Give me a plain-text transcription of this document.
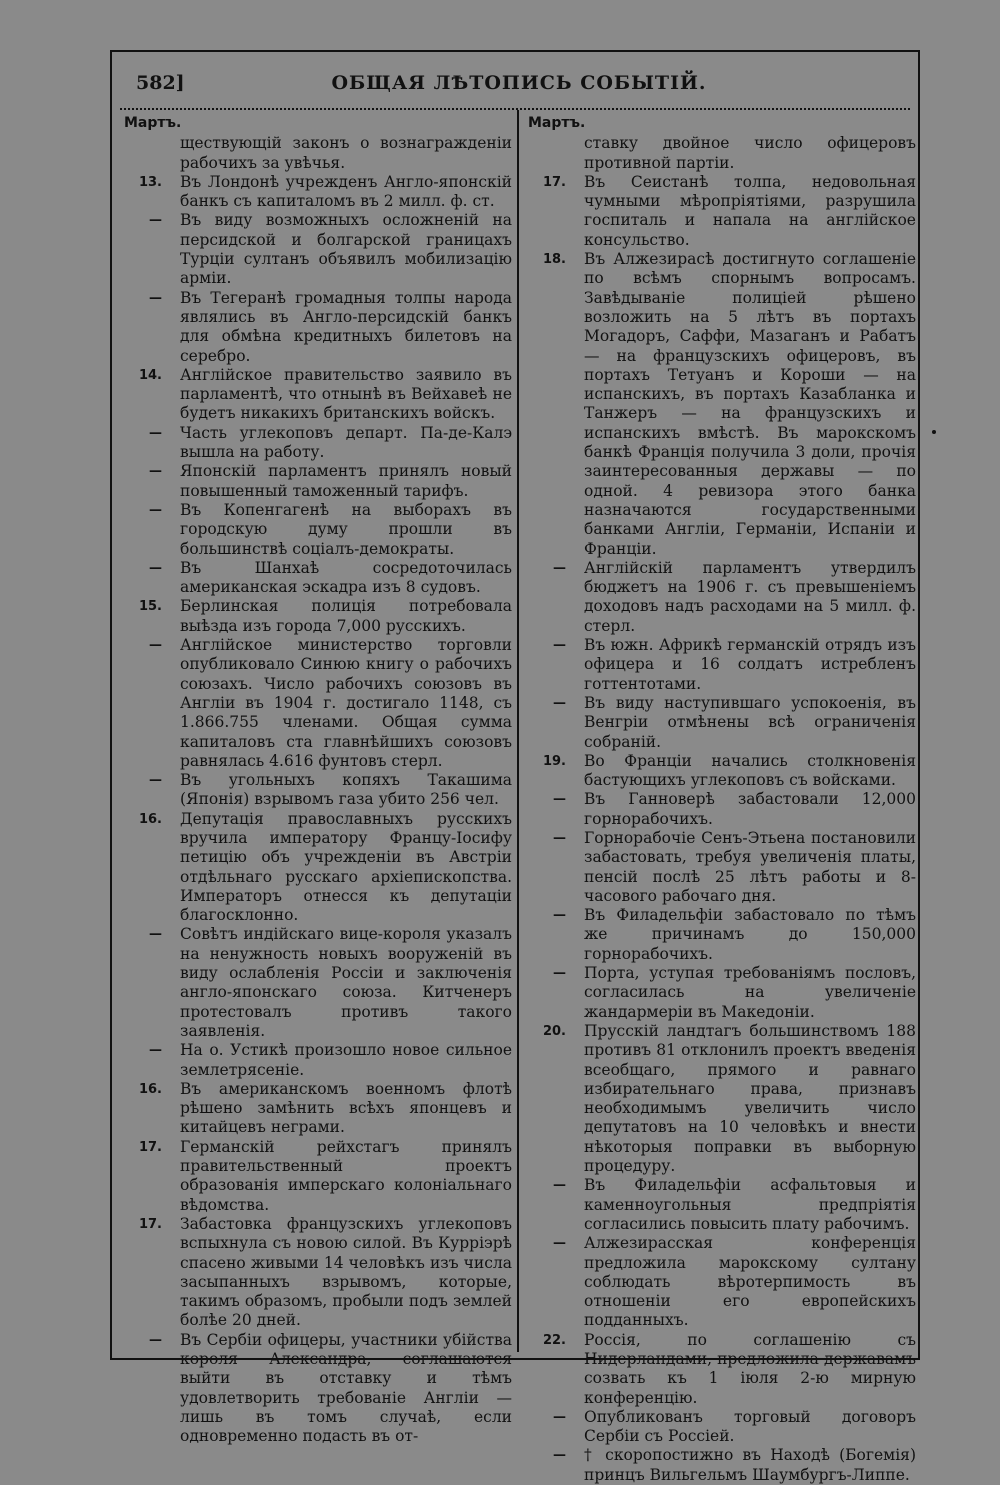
582]	ОБЩАЯ ЛѢТОПИСЬ СОБЫТІЙ.
Мартъ.

ществующій законъ о вознагражденіи рабочихъ за увѣчья.

13. Въ Лондонѣ учрежденъ Англо-японскій банкъ съ капиталомъ въ 2 милл. ф. ст.

— Въ виду возможныхъ осложненій на персидской и болгарской границахъ Турціи султанъ объявилъ мобилизацію арміи.

— Въ Тегеранѣ громадныя толпы народа являлись въ Англо-персидскій банкъ для обмѣна кредитныхъ билетовъ на серебро.

14. Англійское правительство заявило въ парламентѣ, что отнынѣ въ Вейхавеѣ не будетъ никакихъ британскихъ войскъ.

— Часть углекоповъ департ. Па-де-Калэ вышла на работу.

— Японскій парламентъ принялъ новый повышенный таможенный тарифъ.

— Въ Копенгагенѣ на выборахъ въ городскую думу прошли въ большинствѣ соціалъ-демократы.

— Въ Шанхаѣ сосредоточилась американская эскадра изъ 8 судовъ.

15. Берлинская полиція потребовала выѣзда изъ города 7,000 русскихъ.

— Англійское министерство торговли опубликовало Синюю книгу о рабочихъ союзахъ. Число рабочихъ союзовъ въ Англіи въ 1904 г. достигало 1148, съ 1.866.755 членами. Общая сумма капиталовъ ста главнѣйшихъ союзовъ равнялась 4.616 фунтовъ стерл.

— Въ угольныхъ копяхъ Такашима (Японія) взрывомъ газа убито 256 чел.

16. Депутація православныхъ русскихъ вручила императору Францу-Іосифу петицію объ учрежденіи въ Австріи отдѣльнаго русскаго архіепископства. Императоръ отнесся къ депутаціи благосклонно.

— Совѣтъ индійскаго вице-короля указалъ на ненужность новыхъ вооруженій въ виду ослабленія Россіи и заключенія англо-японскаго союза. Китченеръ протестовалъ противъ такого заявленія.

— На о. Устикѣ произошло новое сильное землетрясеніе.

16. Въ американскомъ военномъ флотѣ рѣшено замѣнить всѣхъ японцевъ и китайцевъ неграми.

17. Германскій рейхстагъ принялъ правительственный проектъ образованія имперскаго колоніальнаго вѣдомства.

17. Забастовка французскихъ углекоповъ вспыхнула съ новою силой. Въ Курріэрѣ спасено живыми 14 человѣкъ изъ числа засыпанныхъ взрывомъ, которые, такимъ образомъ, пробыли подъ землей болѣе 20 дней.

— Въ Сербіи офицеры, участники убійства короля Александра, соглашаются выйти въ отставку и тѣмъ удовлетворить требованіе Англіи — лишь въ томъ случаѣ, если одновременно подасть въ от-

Мартъ.

ставку двойное число офицеровъ противной партіи.

17. Въ Сеистанѣ толпа, недовольная чумными мѣропріятіями, разрушила госпиталь и напала на англійское консульство.

18. Въ Алжезирасѣ достигнуто соглашеніе по всѣмъ спорнымъ вопросамъ. Завѣдываніе полиціей рѣшено возложить на 5 лѣтъ въ портахъ Могадоръ, Саффи, Мазаганъ и Рабатъ — на французскихъ офицеровъ, въ портахъ Тетуанъ и Короши — на испанскихъ, въ портахъ Казабланка и Танжеръ — на французскихъ и испанскихъ вмѣстѣ. Въ марокскомъ банкѣ Франція получила 3 доли, прочія заинтересованныя державы — по одной. 4 ревизора этого банка назначаются государственными банками Англіи, Германіи, Испаніи и Франціи.

— Англійскій парламентъ утвердилъ бюджетъ на 1906 г. съ превышеніемъ доходовъ надъ расходами на 5 милл. ф. стерл.

— Въ южн. Африкѣ германскій отрядъ изъ офицера и 16 солдатъ истребленъ готтентотами.

— Въ виду наступившаго успокоенія, въ Венгріи отмѣнены всѣ ограниченія собраній.

19. Во Франціи начались столкновенія бастующихъ углекоповъ съ войсками.

— Въ Ганноверѣ забастовали 12,000 горнорабочихъ.

— Горнорабочіе Сенъ-Этьена постановили забастовать, требуя увеличенія платы, пенсій послѣ 25 лѣтъ работы и 8-часового рабочаго дня.

— Въ Филадельфіи забастовало по тѣмъ же причинамъ до 150,000 горнорабочихъ.

— Порта, уступая требованіямъ пословъ, согласилась на увеличеніе жандармеріи въ Македоніи.

20. Прусскій ландтагъ большинствомъ 188 противъ 81 отклонилъ проектъ введенія всеобщаго, прямого и равнаго избирательнаго права, признавъ необходимымъ увеличить число депутатовъ на 10 человѣкъ и внести нѣкоторыя поправки въ выборную процедуру.

— Въ Филадельфіи асфальтовыя и каменноугольныя предпріятія согласились повысить плату рабочимъ.

— Алжезирасская конференція предложила марокскому султану соблюдать вѣротерпимость въ отношеніи его европейскихъ подданныхъ.

22. Россія, по соглашенію съ Нидерландами, предложила державамъ созвать къ 1 іюля 2-ю мирную конференцію.

— Опубликованъ торговый договоръ Сербіи съ Россіей.

— † скоропостижно въ Находѣ (Богемія) принцъ Вильгельмъ Шаумбургъ-Липпе.
